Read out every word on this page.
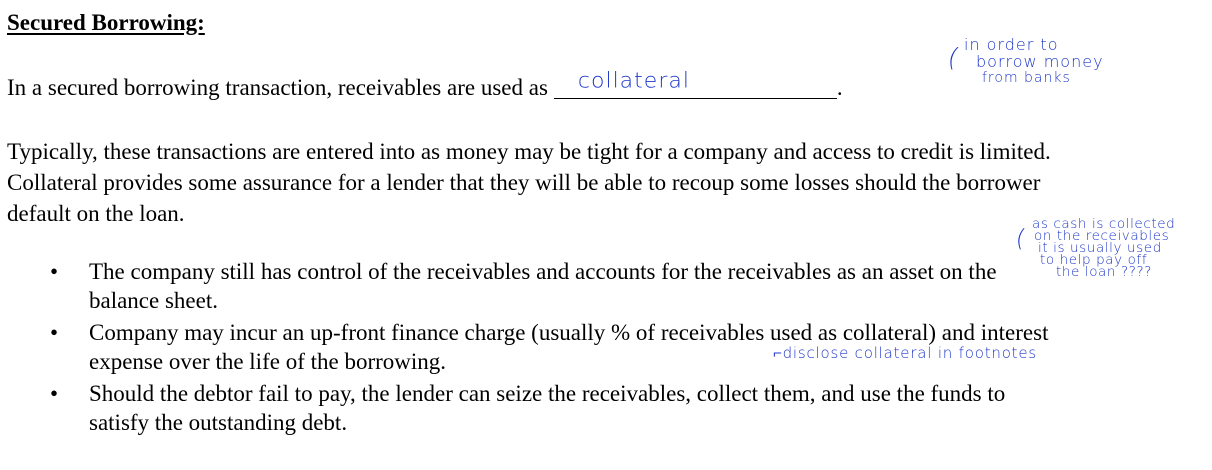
Secured Borrowing:
In a secured borrowing transaction, receivables are used as collateral	.

Typically, these transactions are entered into as money may be tight for a company and access to credit is limited. Collateral provides some assurance for a lender that they will be able to recoup some losses should the borrower default on the loan.

• The company still has control of the receivables and accounts for the receivables as an asset on the balance sheet.
• Company may incur an up-front finance charge (usually % of receivables used as collateral) and interest expense over the life of the borrowing.
• Should the debtor fail to pay, the lender can seize the receivables, collect them, and use the funds to satisfy the outstanding debt.
( in order to
borrow money
from banks
( as cash is collected
on the receivables
it is usually used
to help pay off
the loan ????
⌐disclose collateral in footnotes
